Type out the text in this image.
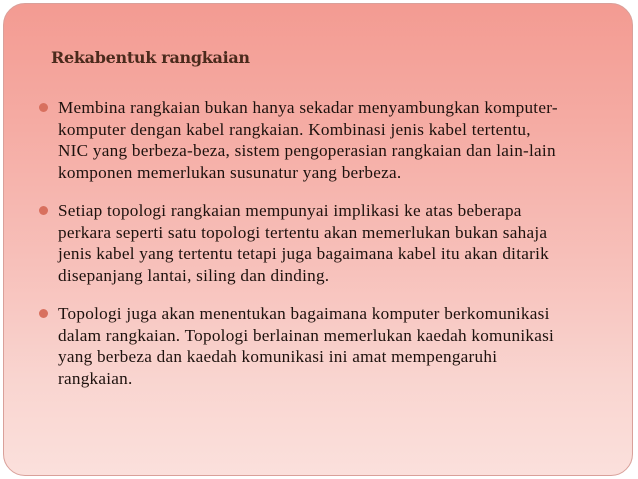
Rekabentuk rangkaian
Membina rangkaian bukan hanya sekadar menyambungkan komputer-
komputer dengan kabel rangkaian. Kombinasi jenis kabel tertentu,
NIC yang berbeza-beza, sistem pengoperasian rangkaian dan lain-lain
komponen memerlukan susunatur yang berbeza.
Setiap topologi rangkaian mempunyai implikasi ke atas beberapa
perkara seperti satu topologi tertentu akan memerlukan bukan sahaja
jenis kabel yang tertentu tetapi juga bagaimana kabel itu akan ditarik
disepanjang lantai, siling dan dinding.
Topologi juga akan menentukan bagaimana komputer berkomunikasi
dalam rangkaian. Topologi berlainan memerlukan kaedah komunikasi
yang berbeza dan kaedah komunikasi ini amat mempengaruhi
rangkaian.
